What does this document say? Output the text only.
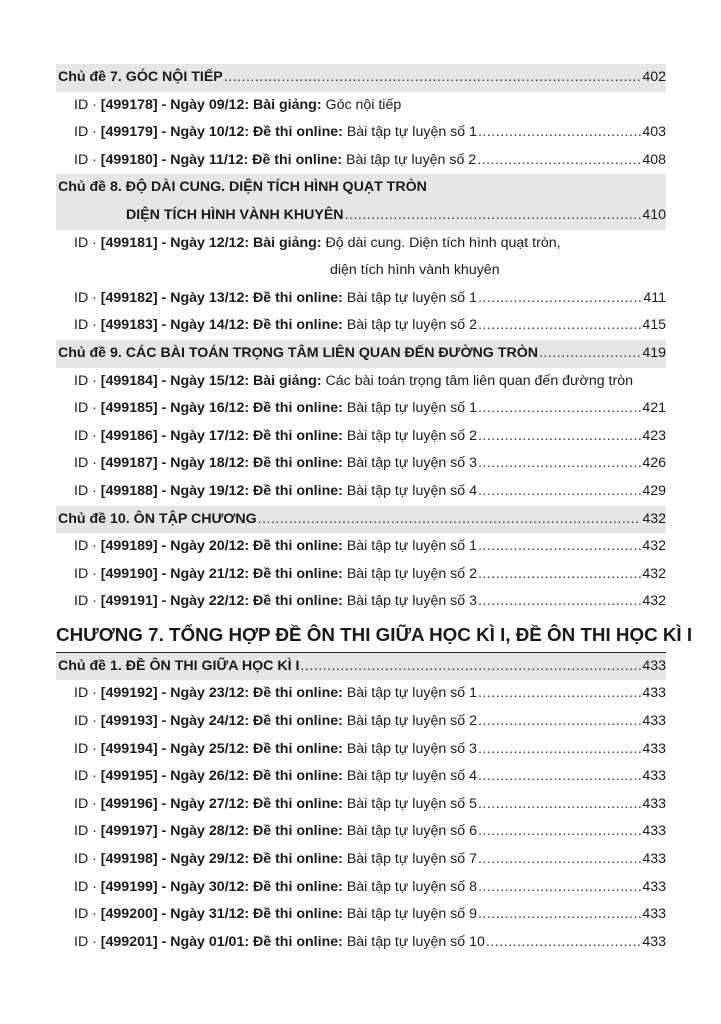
Chủ đề 7. GÓC NỘI TIẾP .....	402
ID · [499178] - Ngày 09/12: Bài giảng: Góc nội tiếp
ID · [499179] - Ngày 10/12: Đề thi online: Bài tập tự luyện số 1 .....	403
ID · [499180] - Ngày 11/12: Đề thi online: Bài tập tự luyện số 2 .....	408
Chủ đề 8. ĐỘ DÀI CUNG. DIỆN TÍCH HÌNH QUẠT TRÒN
DIỆN TÍCH HÌNH VÀNH KHUYÊN .....	410
ID · [499181] - Ngày 12/12: Bài giảng: Độ dài cung. Diện tích hình quạt tròn,
diện tích hình vành khuyên
ID · [499182] - Ngày 13/12: Đề thi online: Bài tập tự luyện số 1 .....	411
ID · [499183] - Ngày 14/12: Đề thi online: Bài tập tự luyện số 2 .....	415
Chủ đề 9. CÁC BÀI TOÁN TRỌNG TÂM LIÊN QUAN ĐẾN ĐƯỜNG TRÒN .....	419
ID · [499184] - Ngày 15/12: Bài giảng: Các bài toán trọng tâm liên quan đến đường tròn
ID · [499185] - Ngày 16/12: Đề thi online: Bài tập tự luyện số 1 .....	421
ID · [499186] - Ngày 17/12: Đề thi online: Bài tập tự luyện số 2 .....	423
ID · [499187] - Ngày 18/12: Đề thi online: Bài tập tự luyện số 3 .....	426
ID · [499188] - Ngày 19/12: Đề thi online: Bài tập tự luyện số 4 .....	429
Chủ đề 10. ÔN TẬP CHƯƠNG .....	432
ID · [499189] - Ngày 20/12: Đề thi online: Bài tập tự luyện số 1 .....	432
ID · [499190] - Ngày 21/12: Đề thi online: Bài tập tự luyện số 2 .....	432
ID · [499191] - Ngày 22/12: Đề thi online: Bài tập tự luyện số 3 .....	432
CHƯƠNG 7. TỔNG HỢP ĐỀ ÔN THI GIỮA HỌC KÌ I, ĐỀ ÔN THI HỌC KÌ I
Chủ đề 1. ĐỀ ÔN THI GIỮA HỌC KÌ I .....	433
ID · [499192] - Ngày 23/12: Đề thi online: Bài tập tự luyện số 1 .....	433
ID · [499193] - Ngày 24/12: Đề thi online: Bài tập tự luyện số 2 .....	433
ID · [499194] - Ngày 25/12: Đề thi online: Bài tập tự luyện số 3 .....	433
ID · [499195] - Ngày 26/12: Đề thi online: Bài tập tự luyện số 4 .....	433
ID · [499196] - Ngày 27/12: Đề thi online: Bài tập tự luyện số 5 .....	433
ID · [499197] - Ngày 28/12: Đề thi online: Bài tập tự luyện số 6 .....	433
ID · [499198] - Ngày 29/12: Đề thi online: Bài tập tự luyện số 7 .....	433
ID · [499199] - Ngày 30/12: Đề thi online: Bài tập tự luyện số 8 .....	433
ID · [499200] - Ngày 31/12: Đề thi online: Bài tập tự luyện số 9 .....	433
ID · [499201] - Ngày 01/01: Đề thi online: Bài tập tự luyện số 10 .....	433
